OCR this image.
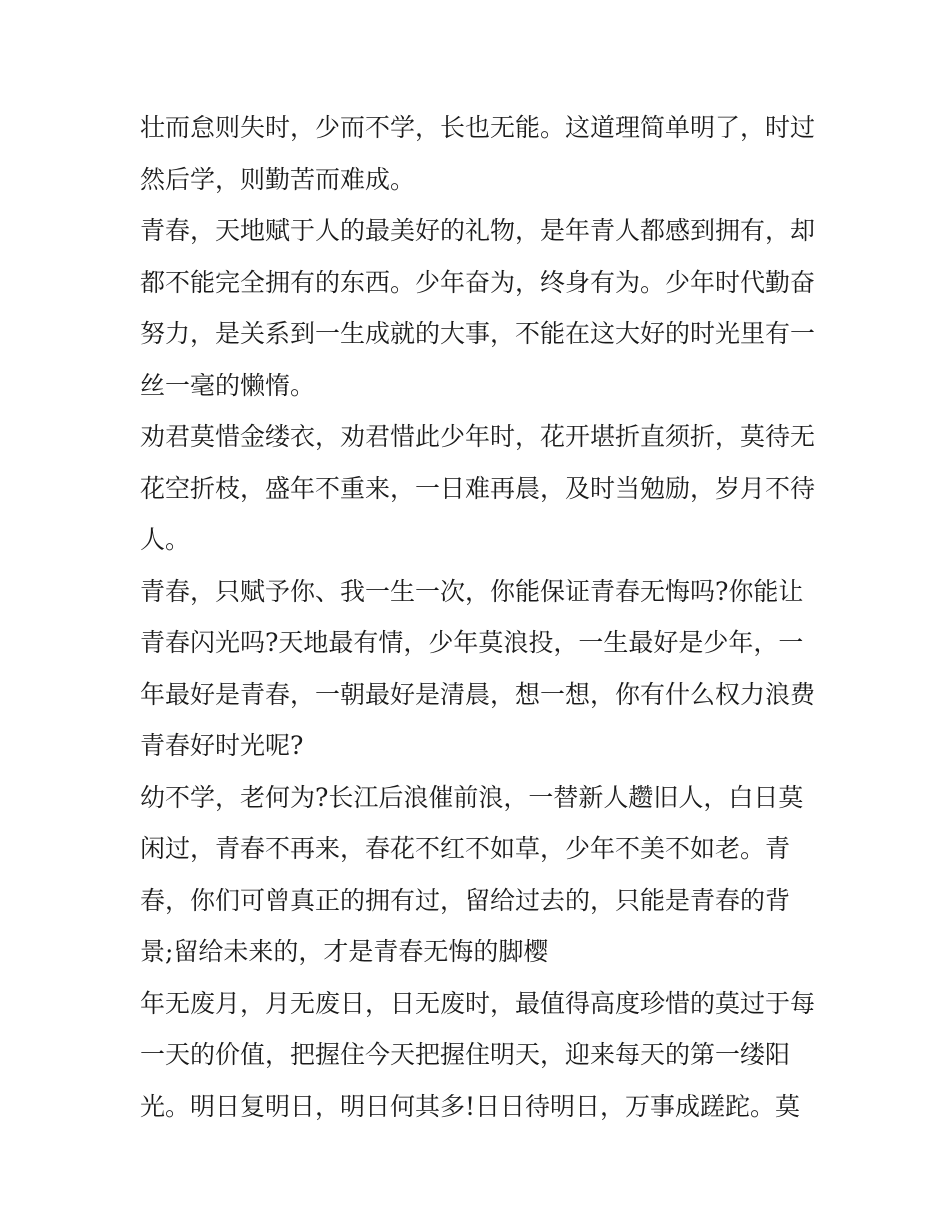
壮而怠则失时，少而不学，长也无能。这道理简单明了，时过
然后学，则勤苦而难成。
青春，天地赋于人的最美好的礼物，是年青人都感到拥有，却
都不能完全拥有的东西。少年奋为，终身有为。少年时代勤奋
努力，是关系到一生成就的大事，不能在这大好的时光里有一
丝一毫的懒惰。
劝君莫惜金缕衣，劝君惜此少年时，花开堪折直须折，莫待无
花空折枝，盛年不重来，一日难再晨，及时当勉励，岁月不待
人。
青春，只赋予你、我一生一次，你能保证青春无悔吗?你能让
青春闪光吗?天地最有情，少年莫浪投，一生最好是少年，一
年最好是青春，一朝最好是清晨，想一想，你有什么权力浪费
青春好时光呢?
幼不学，老何为?长江后浪催前浪，一替新人趱旧人，白日莫
闲过，青春不再来，春花不红不如草，少年不美不如老。青
春，你们可曾真正的拥有过，留给过去的，只能是青春的背
景;留给未来的，才是青春无悔的脚樱
年无废月，月无废日，日无废时，最值得高度珍惜的莫过于每
一天的价值，把握住今天把握住明天，迎来每天的第一缕阳
光。明日复明日，明日何其多!日日待明日，万事成蹉跎。莫
